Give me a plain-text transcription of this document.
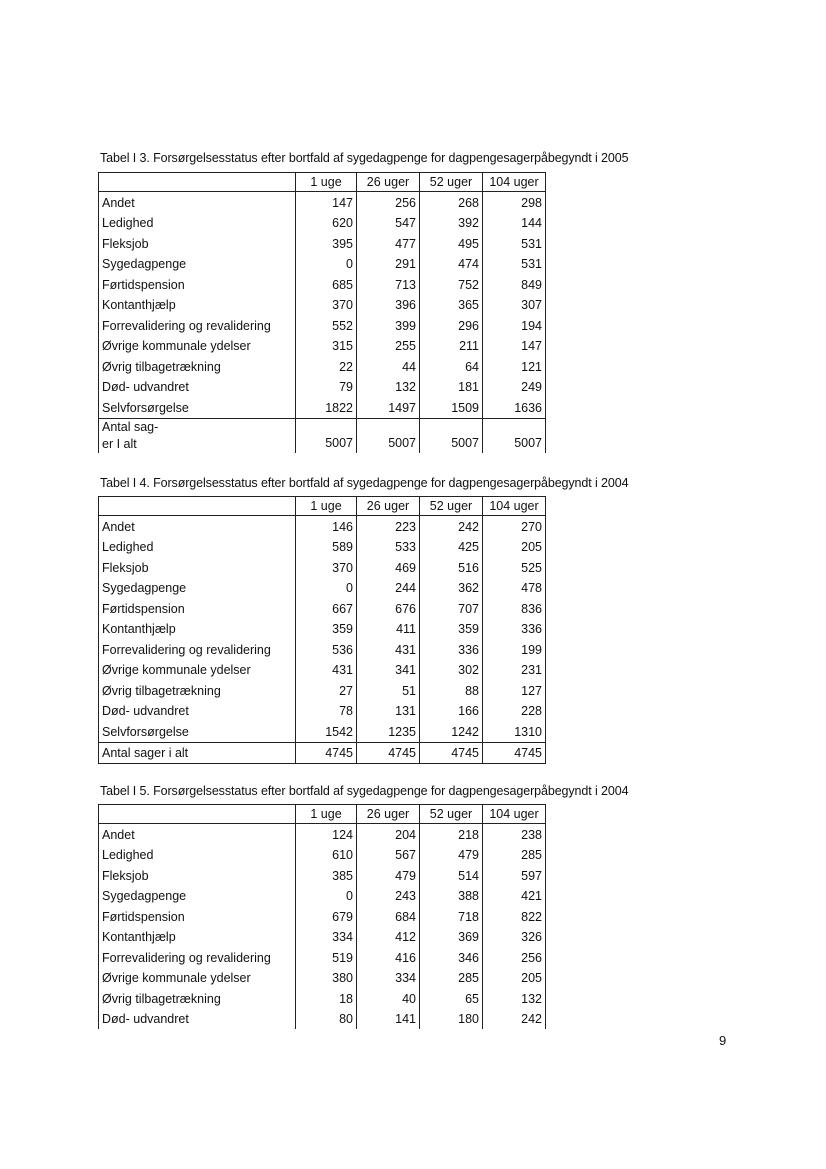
Tabel I 3. Forsørgelsesstatus efter bortfald af sygedagpenge for dagpengesagerpåbegyndt i 2005
	1 uge	26 uger	52 uger	104 uger
Andet	147	256	268	298
Ledighed	620	547	392	144
Fleksjob	395	477	495	531
Sygedagpenge	0	291	474	531
Førtidspension	685	713	752	849
Kontanthjælp	370	396	365	307
Forrevalidering og revalidering	552	399	296	194
Øvrige kommunale ydelser	315	255	211	147
Øvrig tilbagetrækning	22	44	64	121
Død- udvandret	79	132	181	249
Selvforsørgelse	1822	1497	1509	1636
Antal sag-
er I alt	5007	5007	5007	5007
Tabel I 4. Forsørgelsesstatus efter bortfald af sygedagpenge for dagpengesagerpåbegyndt i 2004
	1 uge	26 uger	52 uger	104 uger
Andet	146	223	242	270
Ledighed	589	533	425	205
Fleksjob	370	469	516	525
Sygedagpenge	0	244	362	478
Førtidspension	667	676	707	836
Kontanthjælp	359	411	359	336
Forrevalidering og revalidering	536	431	336	199
Øvrige kommunale ydelser	431	341	302	231
Øvrig tilbagetrækning	27	51	88	127
Død- udvandret	78	131	166	228
Selvforsørgelse	1542	1235	1242	1310
Antal sager i alt	4745	4745	4745	4745
Tabel I 5. Forsørgelsesstatus efter bortfald af sygedagpenge for dagpengesagerpåbegyndt i 2004
	1 uge	26 uger	52 uger	104 uger
Andet	124	204	218	238
Ledighed	610	567	479	285
Fleksjob	385	479	514	597
Sygedagpenge	0	243	388	421
Førtidspension	679	684	718	822
Kontanthjælp	334	412	369	326
Forrevalidering og revalidering	519	416	346	256
Øvrige kommunale ydelser	380	334	285	205
Øvrig tilbagetrækning	18	40	65	132
Død- udvandret	80	141	180	242
9
